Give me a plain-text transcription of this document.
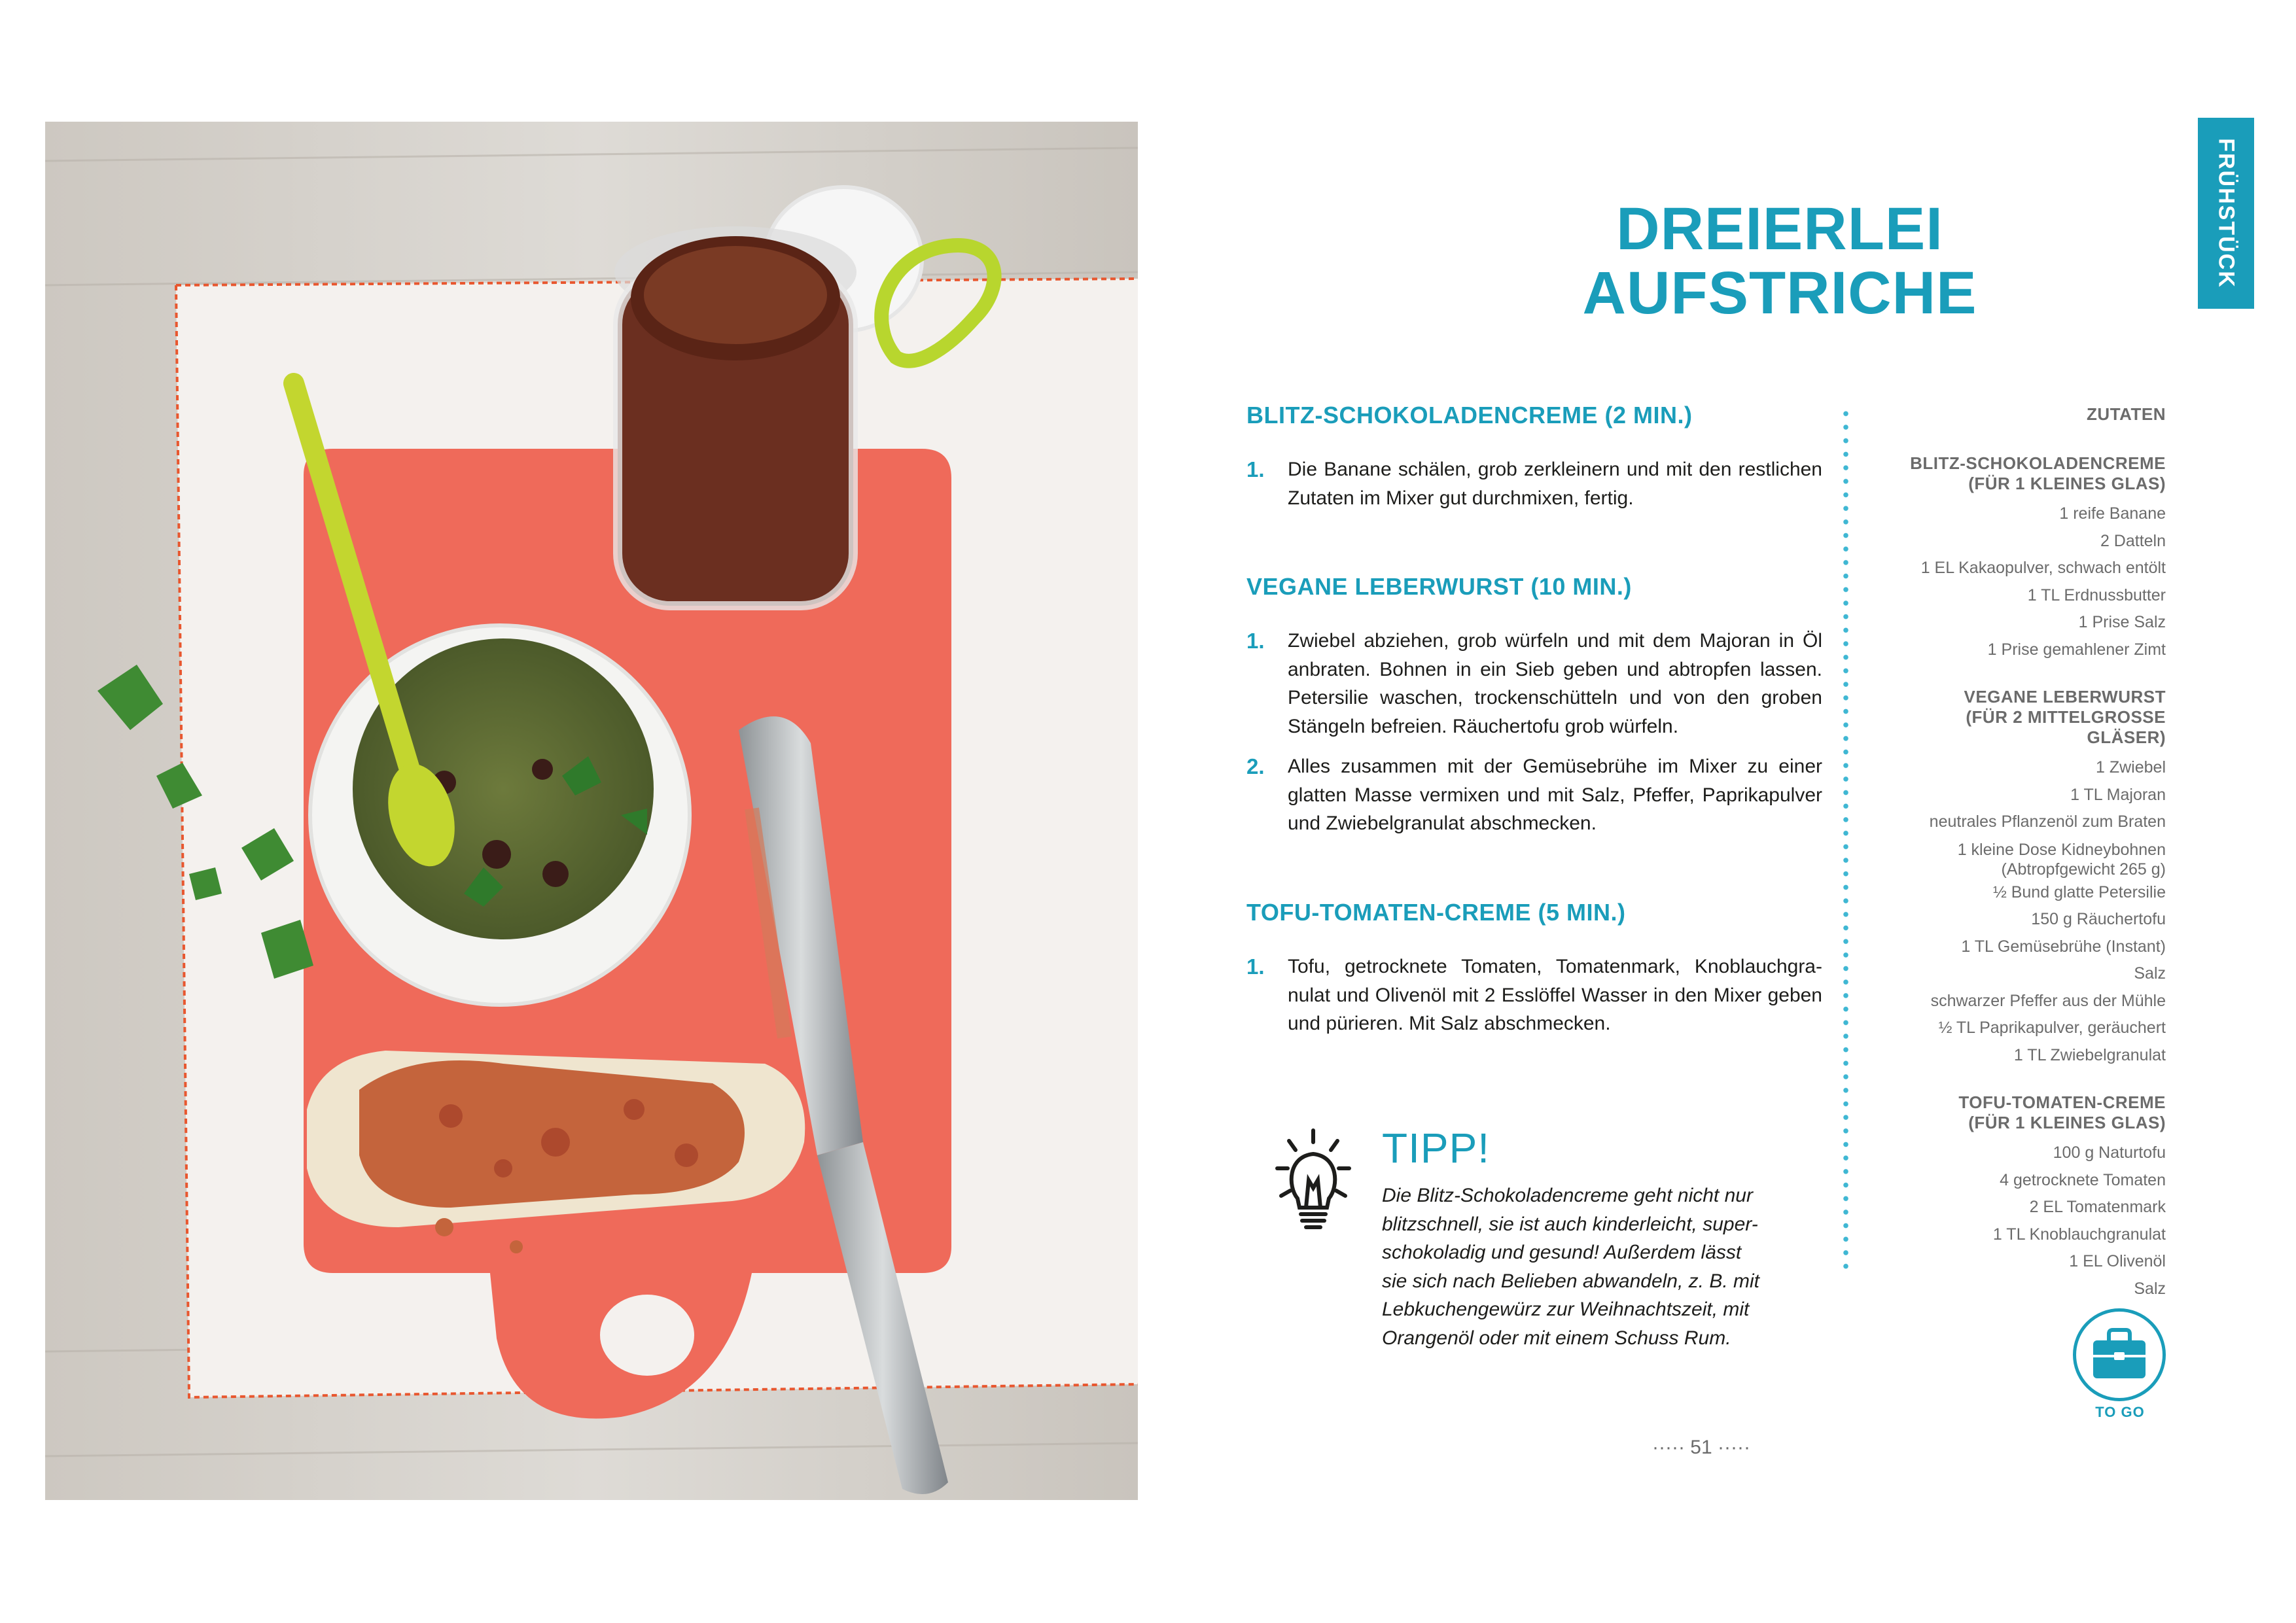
FRÜHSTÜCK
DREIERLEI
AUFSTRICHE
BLITZ-SCHOKOLADENCREME (2 MIN.)
1. Die Banane schälen, grob zerkleinern und mit den restlichen Zutaten im Mixer gut durchmixen, fertig.
VEGANE LEBERWURST (10 MIN.)
1. Zwiebel abziehen, grob würfeln und mit dem Majoran in Öl anbraten. Bohnen in ein Sieb geben und abtropfen lassen. Petersilie waschen, trockenschütteln und von den groben Stängeln befreien. Räuchertofu grob würfeln.
2. Alles zusammen mit der Gemüsebrühe im Mixer zu einer glatten Masse vermixen und mit Salz, Pfeffer, Paprikapulver und Zwiebelgranulat abschmecken.
TOFU-TOMATEN-CREME (5 MIN.)
1. Tofu, getrocknete Tomaten, Tomatenmark, Knoblauchgranulat und Olivenöl mit 2 Esslöffel Wasser in den Mixer geben und pürieren. Mit Salz abschmecken.
ZUTATEN
BLITZ-SCHOKOLADENCREME
(FÜR 1 KLEINES GLAS)
1 reife Banane
2 Datteln
1 EL Kakaopulver, schwach entölt
1 TL Erdnussbutter
1 Prise Salz
1 Prise gemahlener Zimt
VEGANE LEBERWURST
(FÜR 2 MITTELGROSSE GLÄSER)
1 Zwiebel
1 TL Majoran
neutrales Pflanzenöl zum Braten
1 kleine Dose Kidneybohnen
(Abtropfgewicht 265 g)
½ Bund glatte Petersilie
150 g Räuchertofu
1 TL Gemüsebrühe (Instant)
Salz
schwarzer Pfeffer aus der Mühle
½ TL Paprikapulver, geräuchert
1 TL Zwiebelgranulat
TOFU-TOMATEN-CREME
(FÜR 1 KLEINES GLAS)
100 g Naturtofu
4 getrocknete Tomaten
2 EL Tomatenmark
1 TL Knoblauchgranulat
1 EL Olivenöl
Salz
TIPP!
Die Blitz-Schokoladencreme geht nicht nur
blitzschnell, sie ist auch kinderleicht, super-
schokoladig und gesund! Außerdem lässt
sie sich nach Belieben abwandeln, z. B. mit
Lebkuchengewürz zur Weihnachtszeit, mit
Orangenöl oder mit einem Schuss Rum.
TO GO
····· 51 ·····
